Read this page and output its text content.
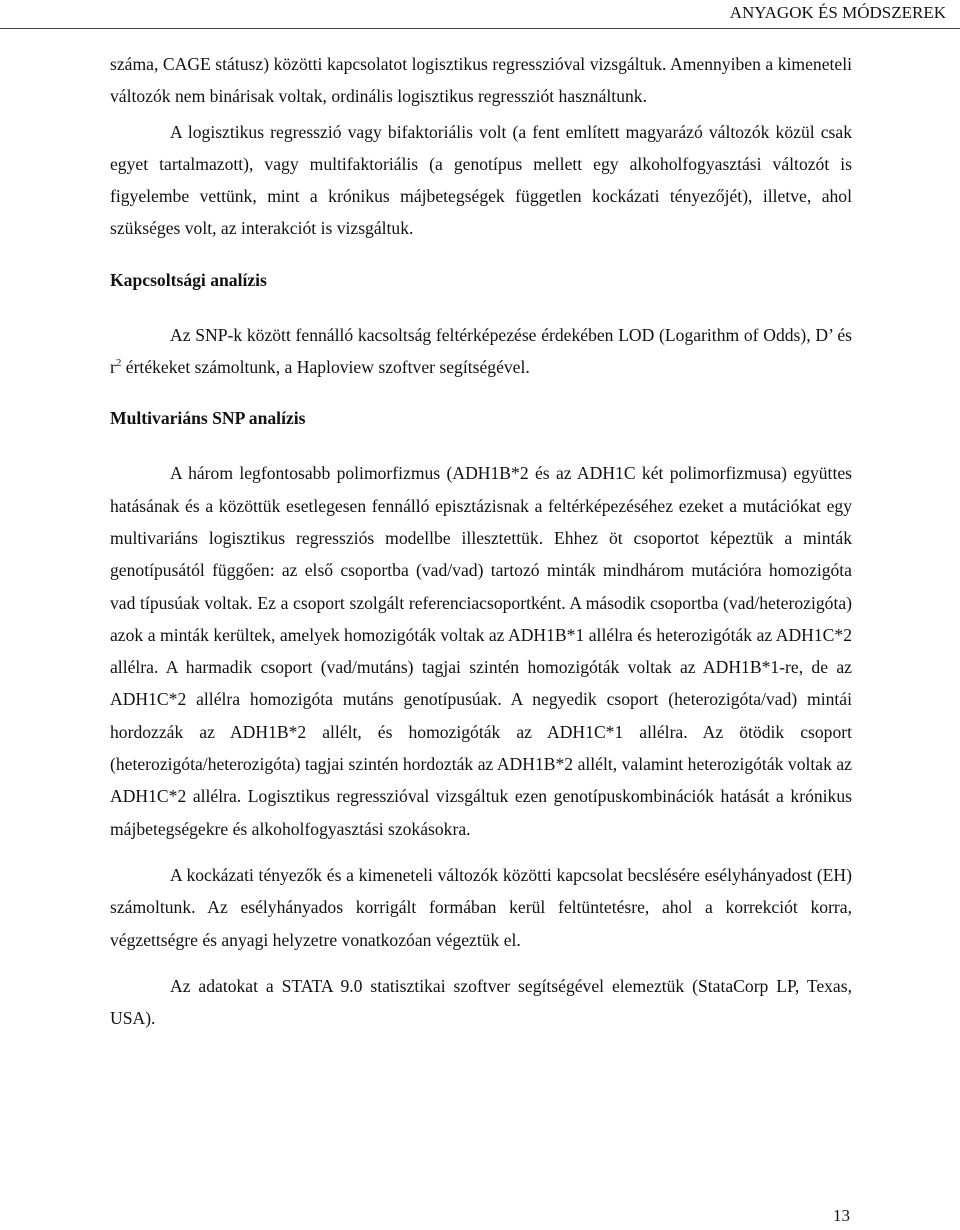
ANYAGOK ÉS MÓDSZEREK

száma, CAGE státusz) közötti kapcsolatot logisztikus regresszióval vizsgáltuk. Amennyiben a kimeneteli változók nem binárisak voltak, ordinális logisztikus regressziót használtunk.

A logisztikus regresszió vagy bifaktoriális volt (a fent említett magyarázó változók közül csak egyet tartalmazott), vagy multifaktoriális (a genotípus mellett egy alkoholfogyasztási változót is figyelembe vettünk, mint a krónikus májbetegségek független kockázati tényezőjét), illetve, ahol szükséges volt, az interakciót is vizsgáltuk.

Kapcsoltsági analízis

Az SNP-k között fennálló kacsoltság feltérképezése érdekében LOD (Logarithm of Odds), D’ és $r^2$ értékeket számoltunk, a Haploview szoftver segítségével.

Multivariáns SNP analízis

A három legfontosabb polimorfizmus (ADH1B*2 és az ADH1C két polimorfizmusa) együttes hatásának és a közöttük esetlegesen fennálló episztázisnak a feltérképezéséhez ezeket a mutációkat egy multivariáns logisztikus regressziós modellbe illesztettük. Ehhez öt csoportot képeztük a minták genotípusától függően: az első csoportba (vad/vad) tartozó minták mindhárom mutációra homozigóta vad típusúak voltak. Ez a csoport szolgált referenciacsoportként. A második csoportba (vad/heterozigóta) azok a minták kerültek, amelyek homozigóták voltak az ADH1B*1 allélra és heterozigóták az ADH1C*2 allélra. A harmadik csoport (vad/mutáns) tagjai szintén homozigóták voltak az ADH1B*1-re, de az ADH1C*2 allélra homozigóta mutáns genotípusúak. A negyedik csoport (heterozigóta/vad) mintái hordozzák az ADH1B*2 allélt, és homozigóták az ADH1C*1 allélra. Az ötödik csoport (heterozigóta/heterozigóta) tagjai szintén hordozták az ADH1B*2 allélt, valamint heterozigóták voltak az ADH1C*2 allélra. Logisztikus regresszióval vizsgáltuk ezen genotípuskombinációk hatását a krónikus májbetegségekre és alkoholfogyasztási szokásokra.

A kockázati tényezők és a kimeneteli változók közötti kapcsolat becslésére esélyhányadost (EH) számoltunk. Az esélyhányados korrigált formában kerül feltüntetésre, ahol a korrekciót korra, végzettségre és anyagi helyzetre vonatkozóan végeztük el.

Az adatokat a STATA 9.0 statisztikai szoftver segítségével elemeztük (StataCorp LP, Texas, USA).

13
